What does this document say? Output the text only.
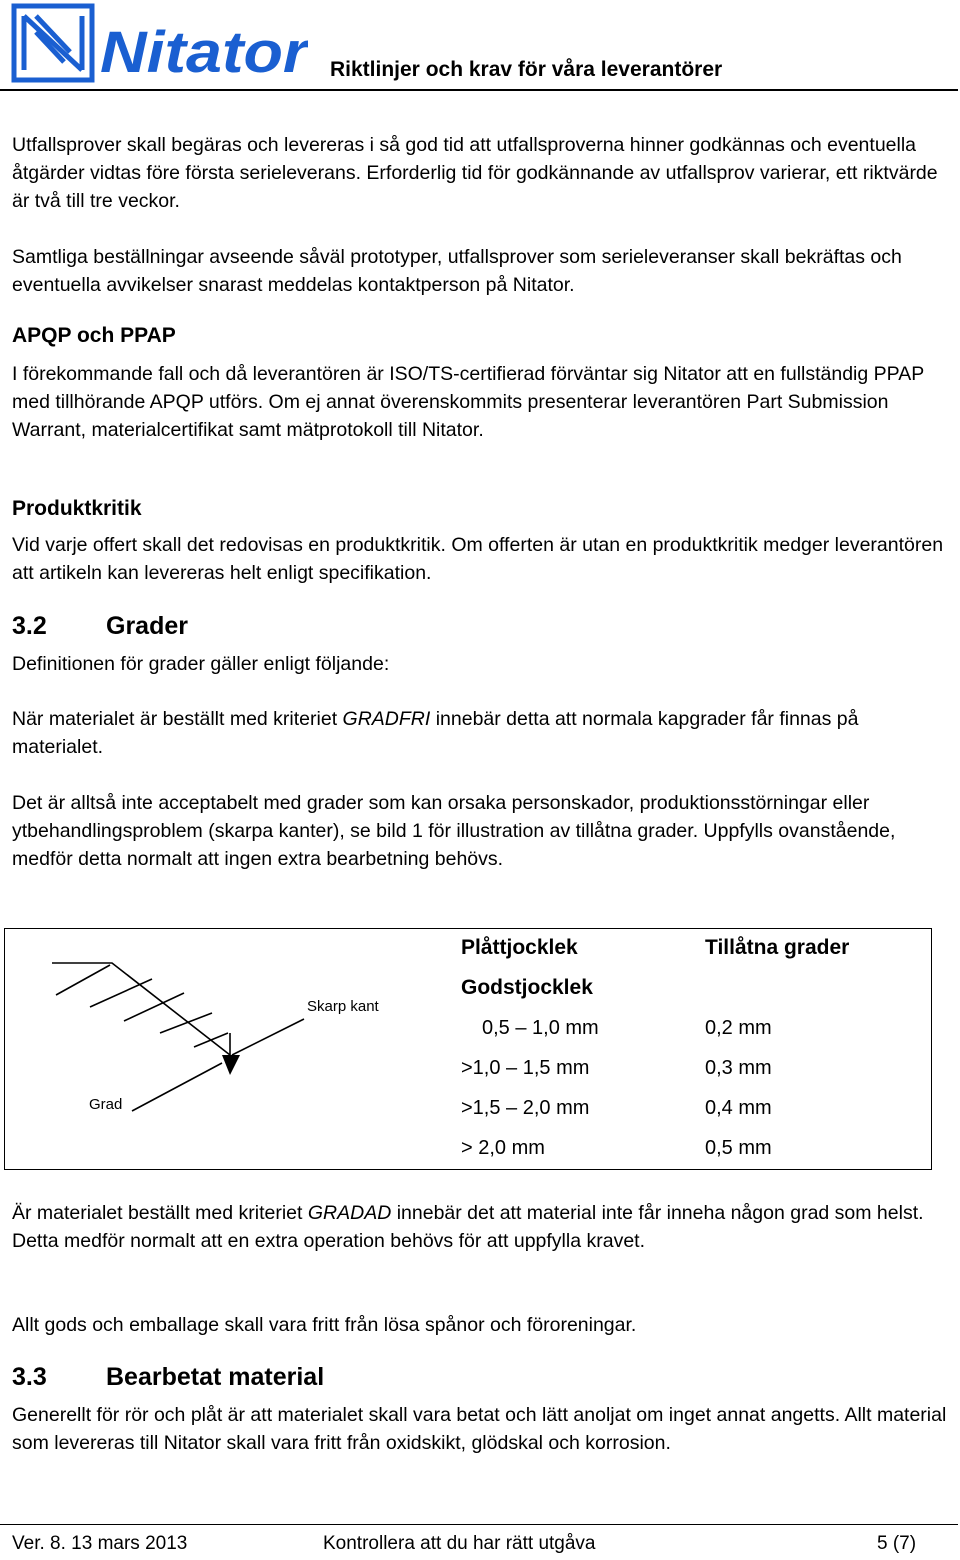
Nitator Riktlinjer och krav för våra leverantörer

Utfallsprover skall begäras och levereras i så god tid att utfallsproverna hinner godkännas och eventuella åtgärder vidtas före första serieleverans. Erforderlig tid för godkännande av utfallsprov varierar, ett riktvärde är två till tre veckor.

Samtliga beställningar avseende såväl prototyper, utfallsprover som serieleveranser skall bekräftas och eventuella avvikelser snarast meddelas kontaktperson på Nitator.

APQP och PPAP

I förekommande fall och då leverantören är ISO/TS-certifierad förväntar sig Nitator att en fullständig PPAP med tillhörande APQP utförs. Om ej annat överenskommits presenterar leverantören Part Submission Warrant, materialcertifikat samt mätprotokoll till Nitator.

Produktkritik

Vid varje offert skall det redovisas en produktkritik. Om offerten är utan en produktkritik medger leverantören att artikeln kan levereras helt enligt specifikation.

3.2 Grader

Definitionen för grader gäller enligt följande:

När materialet är beställt med kriteriet GRADFRI innebär detta att normala kapgrader får finnas på materialet.

Det är alltså inte acceptabelt med grader som kan orsaka personskador, produktionsstörningar eller ytbehandlingsproblem (skarpa kanter), se bild 1 för illustration av tillåtna grader. Uppfylls ovanstående, medför detta normalt att ingen extra bearbetning behövs.

Skarp kant
Grad
Plåttjocklek	Tillåtna grader
Godstjocklek
0,5 – 1,0 mm	0,2 mm
>1,0 – 1,5 mm	0,3 mm
>1,5 – 2,0 mm	0,4 mm
> 2,0 mm	0,5 mm

Är materialet beställt med kriteriet GRADAD innebär det att material inte får inneha någon grad som helst. Detta medför normalt att en extra operation behövs för att uppfylla kravet.

Allt gods och emballage skall vara fritt från lösa spånor och föroreningar.

3.3 Bearbetat material

Generellt för rör och plåt är att materialet skall vara betat och lätt anoljat om inget annat angetts. Allt material som levereras till Nitator skall vara fritt från oxidskikt, glödskal och korrosion.

Ver. 8. 13 mars 2013	Kontrollera att du har rätt utgåva	5 (7)
